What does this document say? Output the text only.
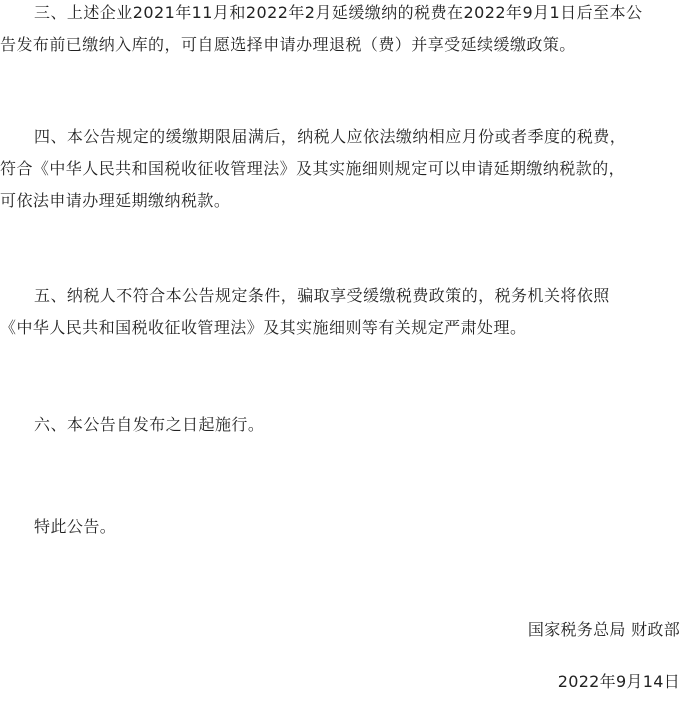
三、上述企业2021年11月和2022年2月延缓缴纳的税费在2022年9月1日后至本公
告发布前已缴纳入库的，可自愿选择申请办理退税（费）并享受延续缓缴政策。

四、本公告规定的缓缴期限届满后，纳税人应依法缴纳相应月份或者季度的税费，
符合《中华人民共和国税收征收管理法》及其实施细则规定可以申请延期缴纳税款的，
可依法申请办理延期缴纳税款。

五、纳税人不符合本公告规定条件，骗取享受缓缴税费政策的，税务机关将依照
《中华人民共和国税收征收管理法》及其实施细则等有关规定严肃处理。

六、本公告自发布之日起施行。

特此公告。

国家税务总局 财政部
2022年9月14日
